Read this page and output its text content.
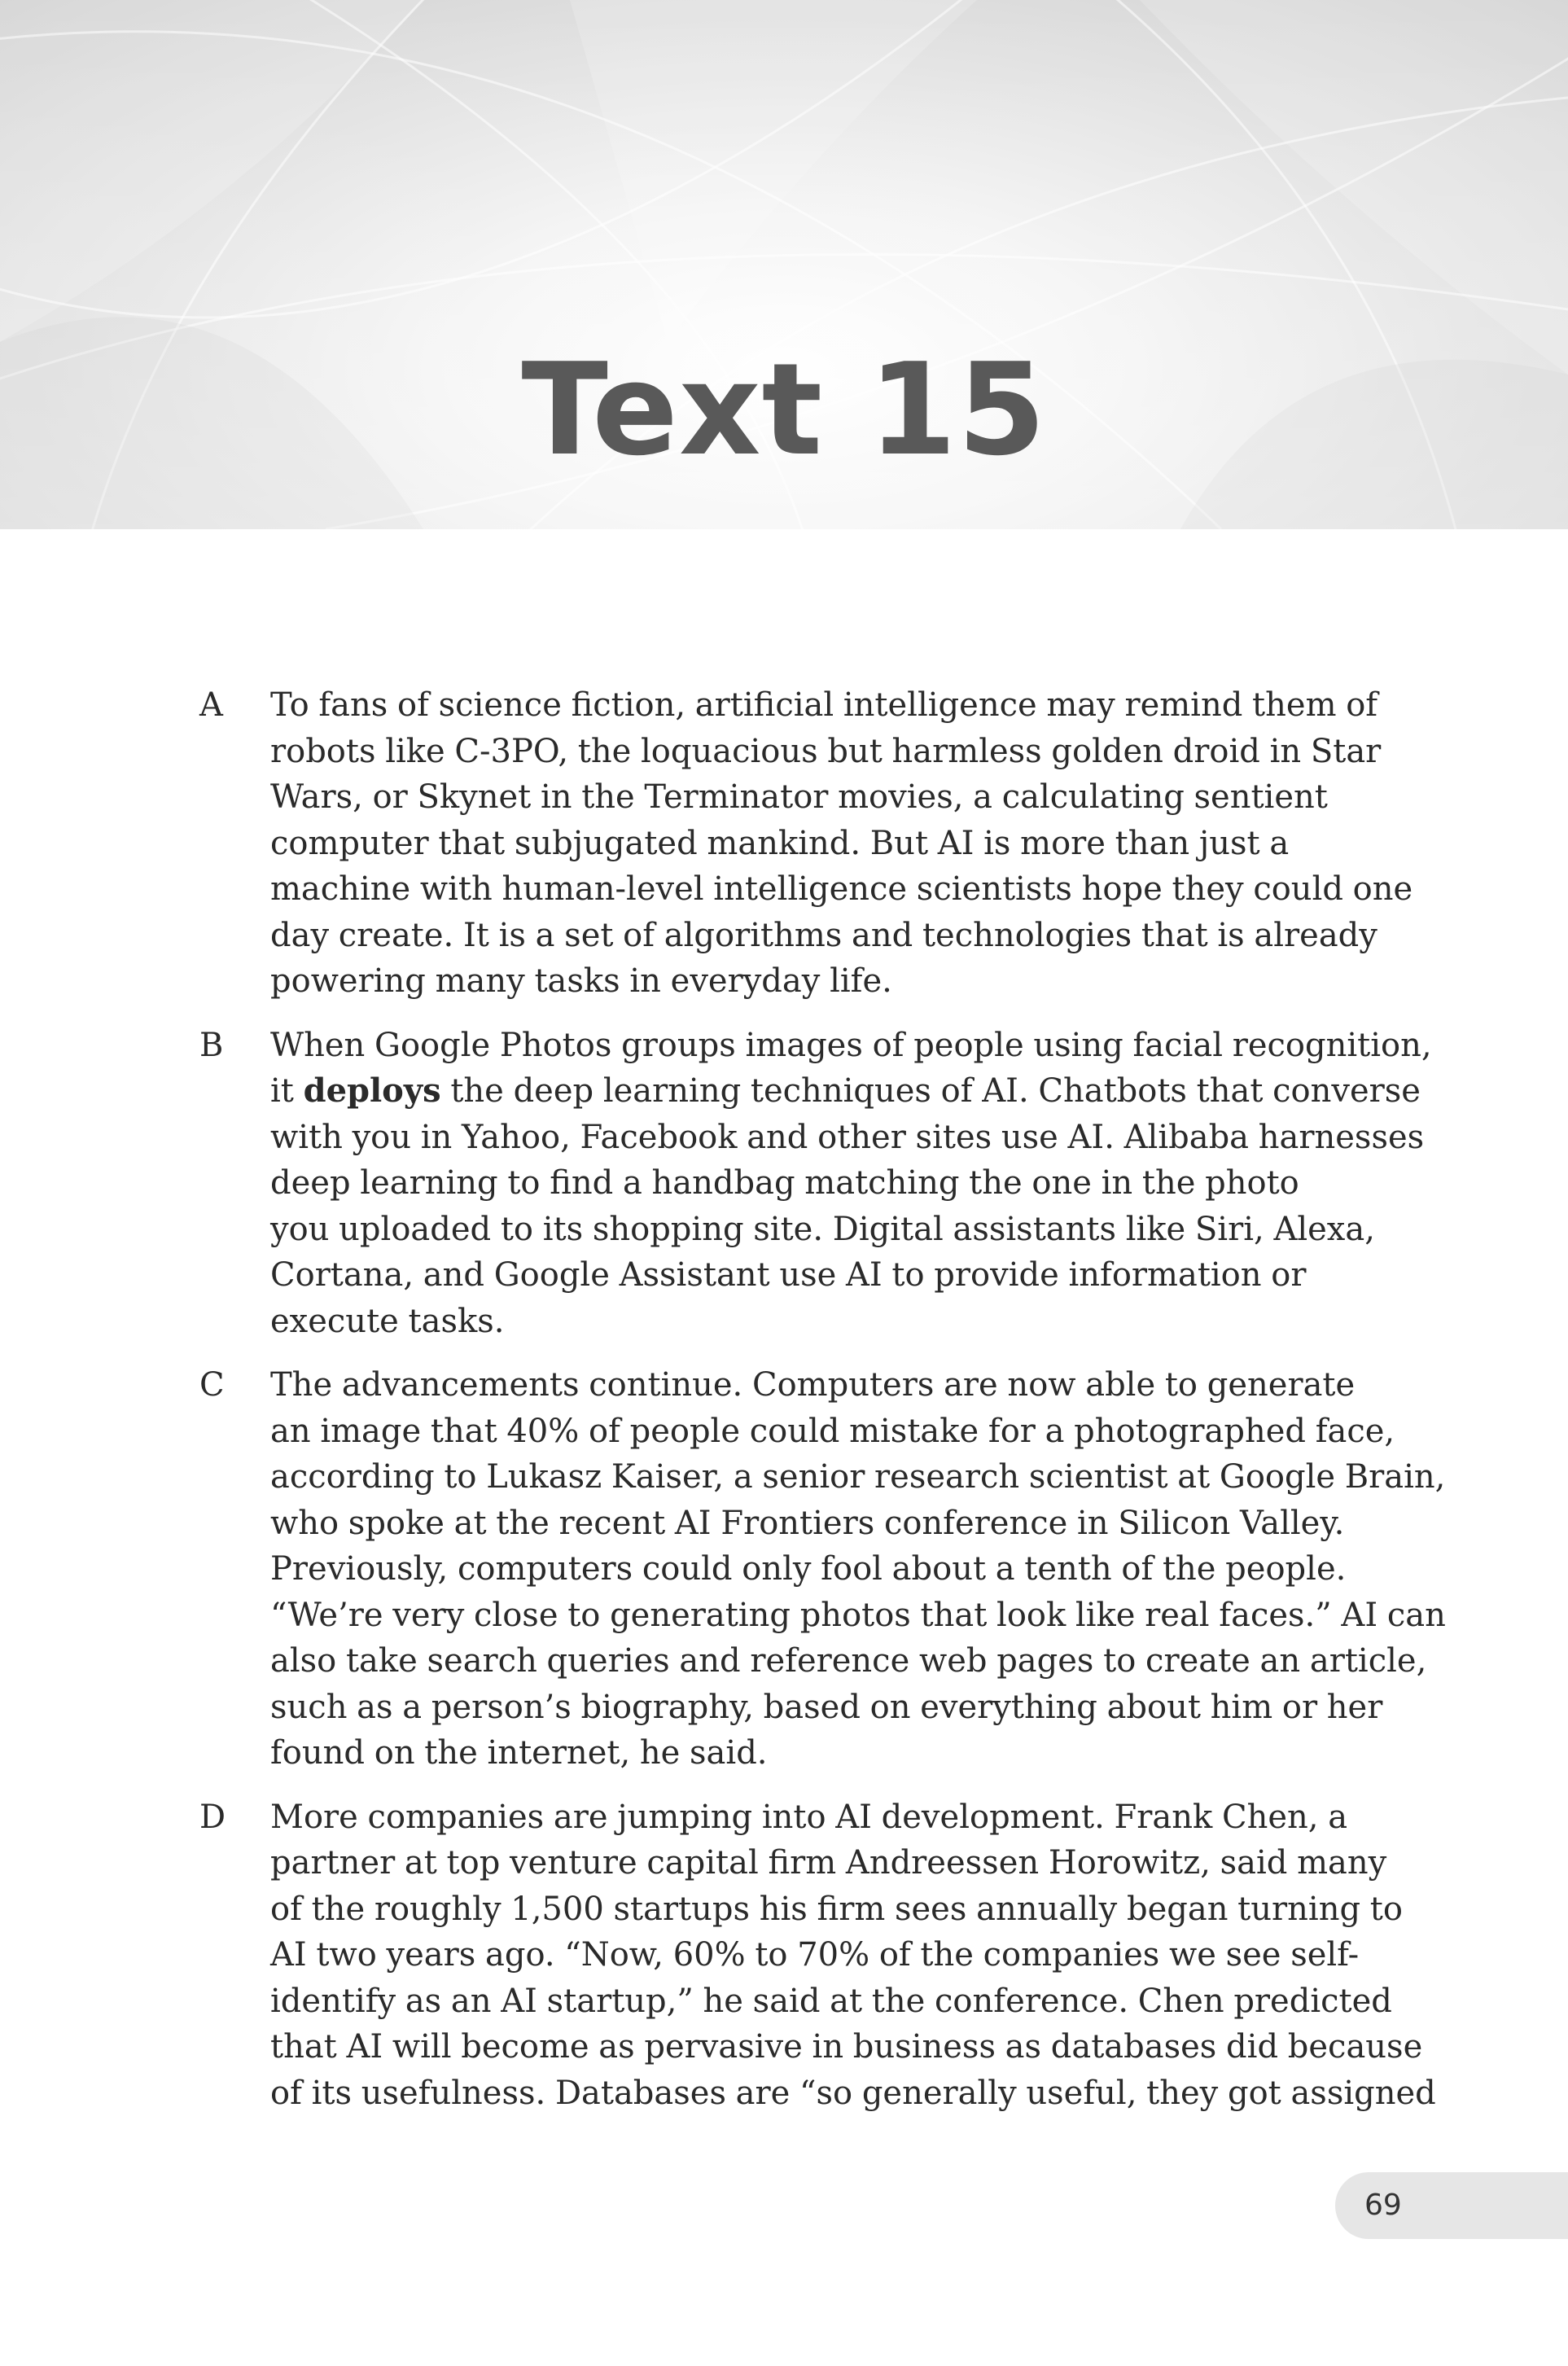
Text 15
A To fans of science fiction, artificial intelligence may remind them of
robots like C-3PO, the loquacious but harmless golden droid in Star
Wars, or Skynet in the Terminator movies, a calculating sentient
computer that subjugated mankind. But AI is more than just a
machine with human-level intelligence scientists hope they could one
day create. It is a set of algorithms and technologies that is already
powering many tasks in everyday life.
B When Google Photos groups images of people using facial recognition,
it deploys the deep learning techniques of AI. Chatbots that converse
with you in Yahoo, Facebook and other sites use AI. Alibaba harnesses
deep learning to find a handbag matching the one in the photo
you uploaded to its shopping site. Digital assistants like Siri, Alexa,
Cortana, and Google Assistant use AI to provide information or
execute tasks.
C The advancements continue. Computers are now able to generate
an image that 40% of people could mistake for a photographed face,
according to Lukasz Kaiser, a senior research scientist at Google Brain,
who spoke at the recent AI Frontiers conference in Silicon Valley.
Previously, computers could only fool about a tenth of the people.
“We’re very close to generating photos that look like real faces.” AI can
also take search queries and reference web pages to create an article,
such as a person’s biography, based on everything about him or her
found on the internet, he said.
D More companies are jumping into AI development. Frank Chen, a
partner at top venture capital firm Andreessen Horowitz, said many
of the roughly 1,500 startups his firm sees annually began turning to
AI two years ago. “Now, 60% to 70% of the companies we see self-
identify as an AI startup,” he said at the conference. Chen predicted
that AI will become as pervasive in business as databases did because
of its usefulness. Databases are “so generally useful, they got assigned
69
